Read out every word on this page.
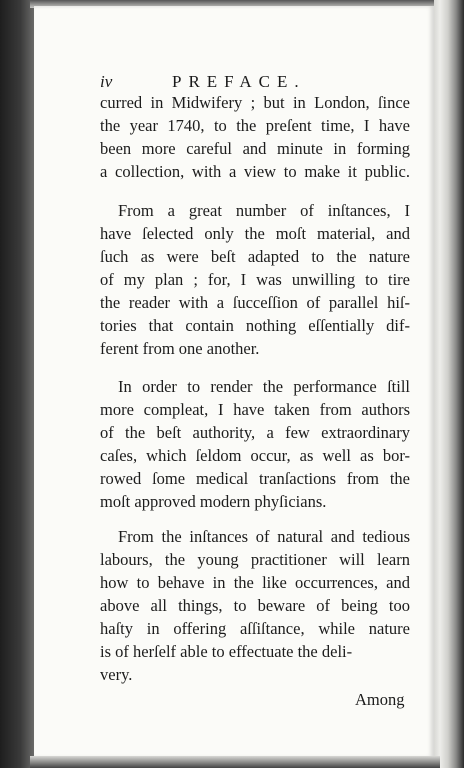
iv	PREFACE.
curred in Midwifery ; but in London, ſince
the year 1740, to the preſent time, I have
been more careful and minute in forming
a collection, with a view to make it public.
From a great number of inſtances, I
have ſelected only the moſt material, and
ſuch as were beſt adapted to the nature
of my plan ; for, I was unwilling to tire
the reader with a ſucceſſion of parallel hiſ-
tories that contain nothing eſſentially dif-
ferent from one another.
In order to render the performance ſtill
more compleat, I have taken from authors
of the beſt authority, a few extraordinary
caſes, which ſeldom occur, as well as bor-
rowed ſome medical tranſactions from the
moſt approved modern phyſicians.
From the inſtances of natural and tedious
labours, the young practitioner will learn
how to behave in the like occurrences, and
above all things, to beware of being too
haſty in offering aſſiſtance, while nature
is of herſelf able to effectuate the deli-
very.
Among
